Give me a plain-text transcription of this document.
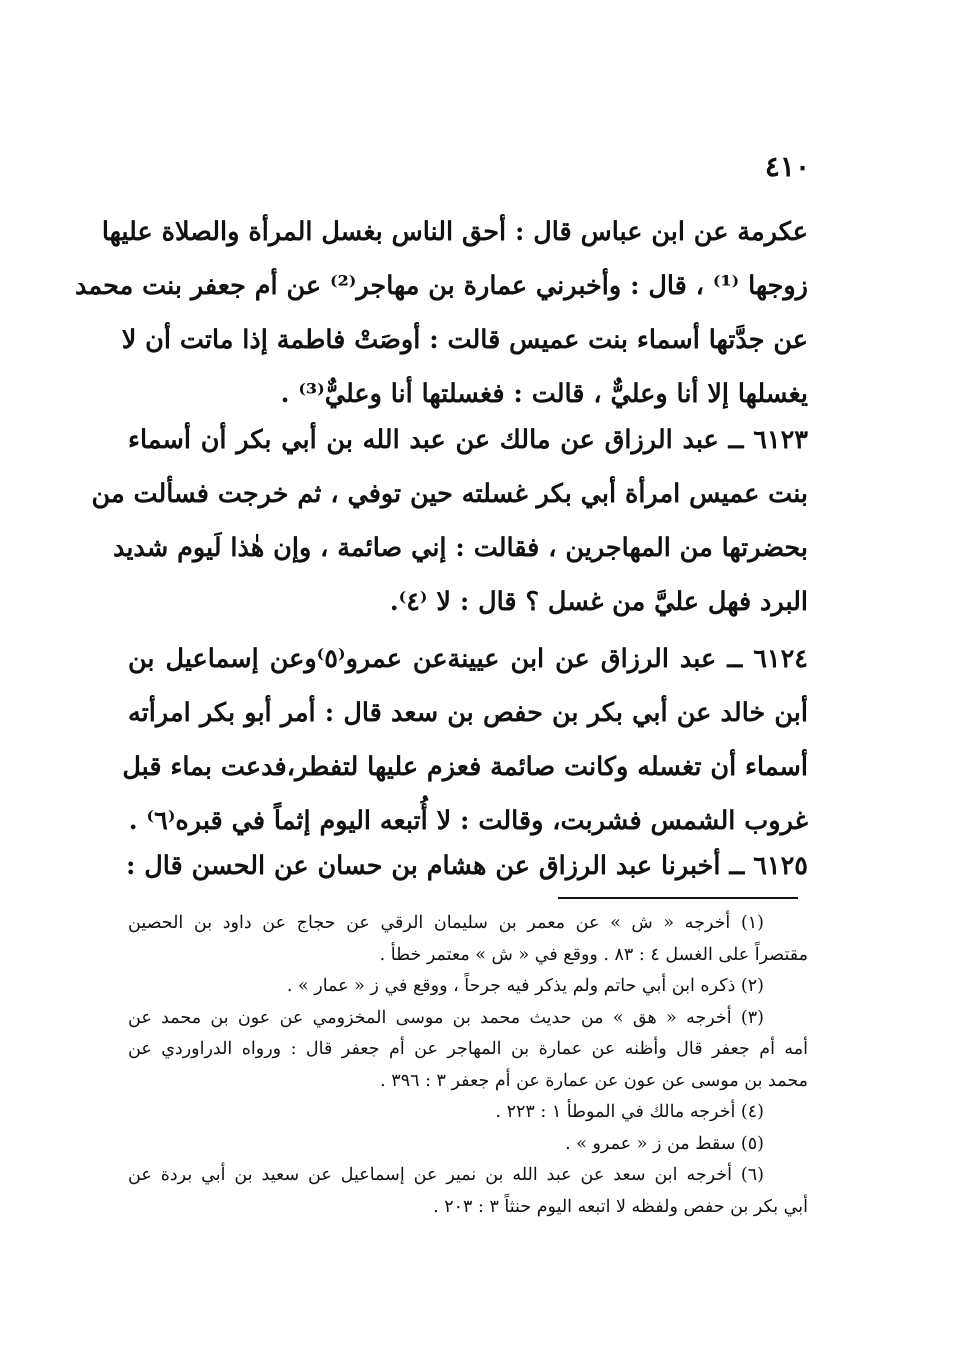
٤١٠
عكرمة عن ابن عباس قال : أحق الناس بغسل المرأة والصلاة عليها
زوجها ⁽¹⁾ ، قال : وأخبرني عمارة بن مهاجر⁽²⁾ عن أم جعفر بنت محمد
عن جدَّتها أسماء بنت عميس قالت : أوصَتْ فاطمة إذا ماتت أن لا
يغسلها إلا أنا وعليٌّ ، قالت : فغسلتها أنا وعليٌّ⁽³⁾ .
٦١٢٣ ــ عبد الرزاق عن مالك عن عبد الله بن أبي بكر أن أسماء
بنت عميس امرأة أبي بكر غسلته حين توفي ، ثم خرجت فسألت من
بحضرتها من المهاجرين ، فقالت : إني صائمة ، وإن هٰذا لَيوم شديد
البرد فهل عليَّ من غسل ؟ قال : لا ⁽٤⁾.
٦١٢٤ ــ عبد الرزاق عن ابن عيينةعن عمرو⁽٥⁾وعن إسماعيل بن
أبن خالد عن أبي بكر بن حفص بن سعد قال : أمر أبو بكر امرأته
أسماء أن تغسله وكانت صائمة فعزم عليها لتفطر،فدعت بماء قبل
غروب الشمس فشربت، وقالت : لا أُتبعه اليوم إثماً في قبره⁽٦⁾ .
٦١٢٥ ــ أخبرنا عبد الرزاق عن هشام بن حسان عن الحسن قال :
(١) أخرجه « ش » عن معمر بن سليمان الرقي عن حجاج عن داود بن الحصين
مقتصراً على الغسل ٤ : ٨٣ . ووقع في « ش » معتمر خطأ .
(٢) ذكره ابن أبي حاتم ولم يذكر فيه جرحاً ، ووقع في ز « عمار » .
(٣) أخرجه « هق » من حديث محمد بن موسى المخزومي عن عون بن محمد عن
أمه أم جعفر قال وأظنه عن عمارة بن المهاجر عن أم جعفر قال : ورواه الدراوردي عن
محمد بن موسى عن عون عن عمارة عن أم جعفر ٣ : ٣٩٦ .
(٤) أخرجه مالك في الموطأ ١ : ٢٢٣ .
(٥) سقط من ز « عمرو » .
(٦) أخرجه ابن سعد عن عبد الله بن نمير عن إسماعيل عن سعيد بن أبي بردة عن
أبي بكر بن حفص ولفظه لا اتبعه اليوم حنثاً ٣ : ٢٠٣ .
